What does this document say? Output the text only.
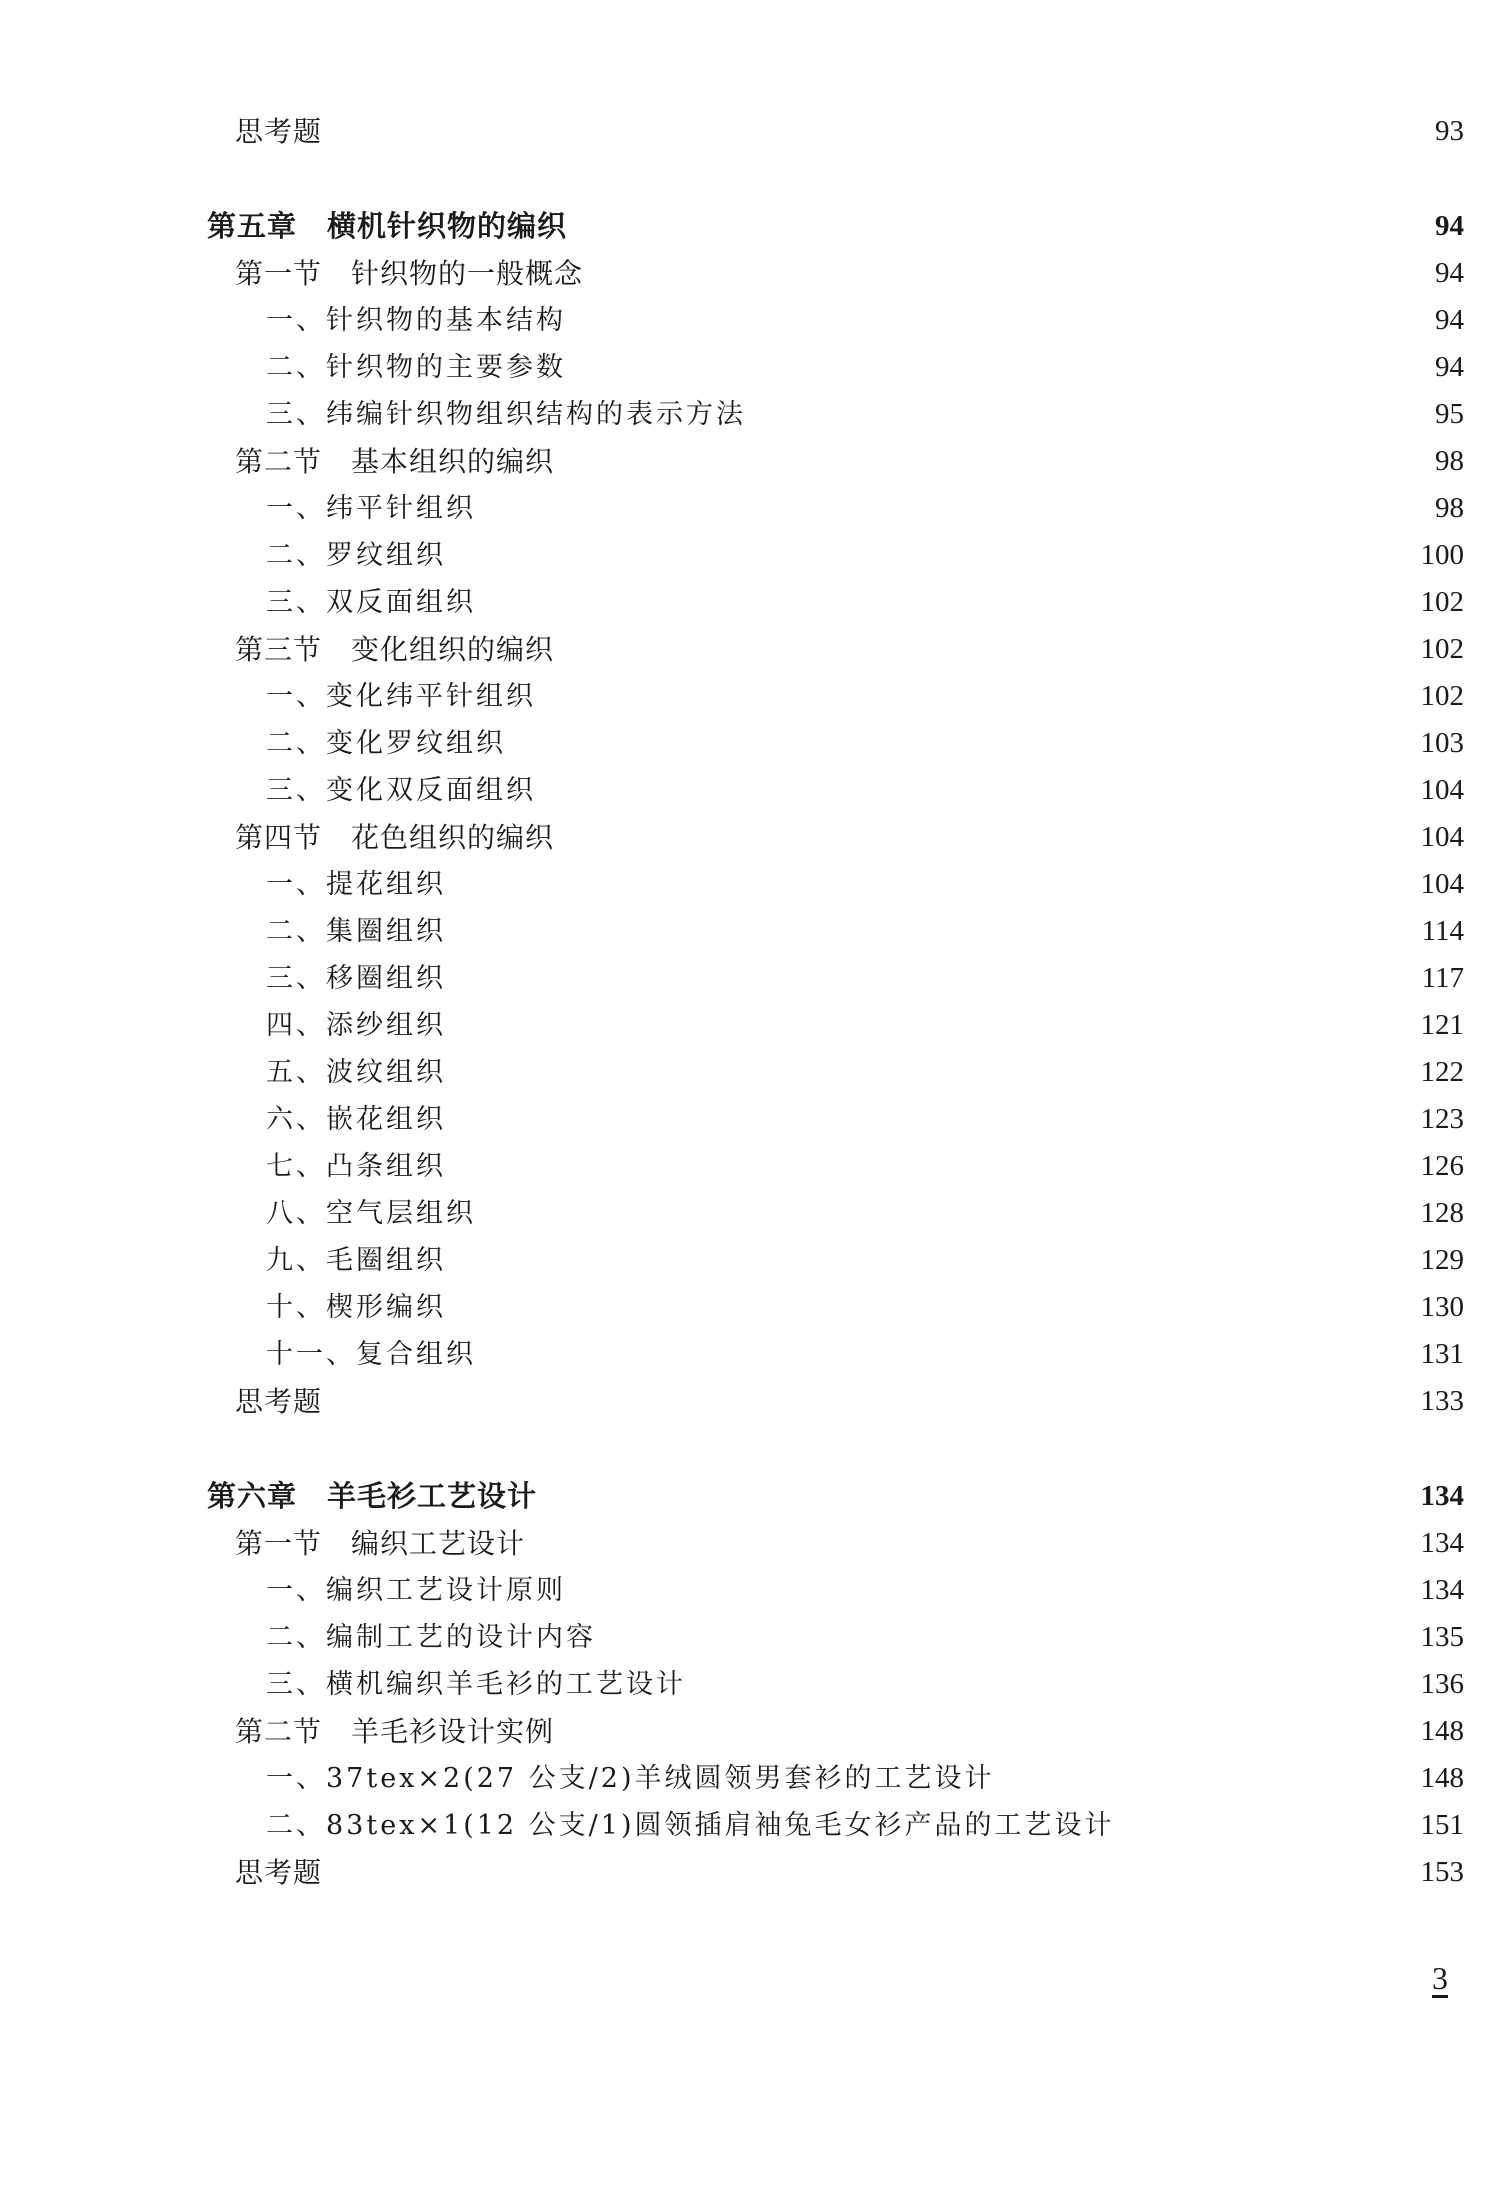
思考题	93
第五章　横机针织物的编织	94
第一节　针织物的一般概念	94
一、针织物的基本结构	94
二、针织物的主要参数	94
三、纬编针织物组织结构的表示方法	95
第二节　基本组织的编织	98
一、纬平针组织	98
二、罗纹组织	100
三、双反面组织	102
第三节　变化组织的编织	102
一、变化纬平针组织	102
二、变化罗纹组织	103
三、变化双反面组织	104
第四节　花色组织的编织	104
一、提花组织	104
二、集圈组织	114
三、移圈组织	117
四、添纱组织	121
五、波纹组织	122
六、嵌花组织	123
七、凸条组织	126
八、空气层组织	128
九、毛圈组织	129
十、楔形编织	130
十一、复合组织	131
思考题	133
第六章　羊毛衫工艺设计	134
第一节　编织工艺设计	134
一、编织工艺设计原则	134
二、编制工艺的设计内容	135
三、横机编织羊毛衫的工艺设计	136
第二节　羊毛衫设计实例	148
一、37tex×2(27 公支/2)羊绒圆领男套衫的工艺设计	148
二、83tex×1(12 公支/1)圆领插肩袖兔毛女衫产品的工艺设计	151
思考题	153
3
